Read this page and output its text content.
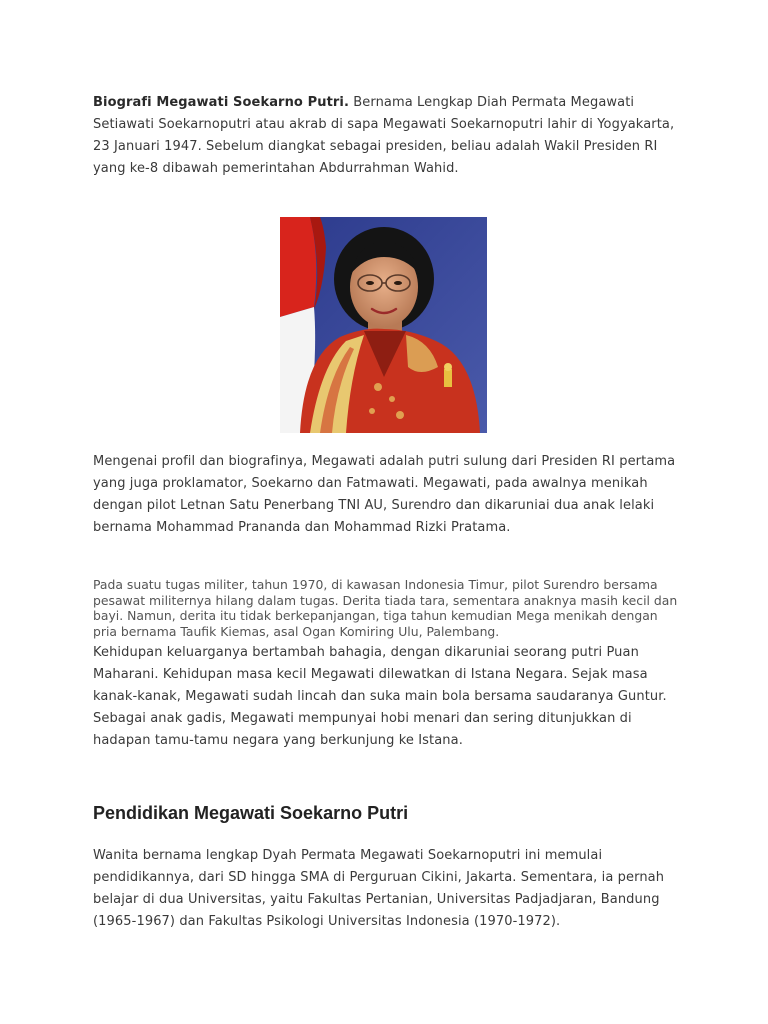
Biografi Megawati Soekarno Putri. Bernama Lengkap Diah Permata Megawati Setiawati Soekarnoputri atau akrab di sapa Megawati Soekarnoputri lahir di Yogyakarta, 23 Januari 1947. Sebelum diangkat sebagai presiden, beliau adalah Wakil Presiden RI yang ke-8 dibawah pemerintahan Abdurrahman Wahid.

Mengenai profil dan biografinya, Megawati adalah putri sulung dari Presiden RI pertama yang juga proklamator, Soekarno dan Fatmawati. Megawati, pada awalnya menikah dengan pilot Letnan Satu Penerbang TNI AU, Surendro dan dikaruniai dua anak lelaki bernama Mohammad Prananda dan Mohammad Rizki Pratama.

Pada suatu tugas militer, tahun 1970, di kawasan Indonesia Timur, pilot Surendro bersama pesawat militernya hilang dalam tugas. Derita tiada tara, sementara anaknya masih kecil dan bayi. Namun, derita itu tidak berkepanjangan, tiga tahun kemudian Mega menikah dengan pria bernama Taufik Kiemas, asal Ogan Komiring Ulu, Palembang.

Kehidupan keluarganya bertambah bahagia, dengan dikaruniai seorang putri Puan Maharani. Kehidupan masa kecil Megawati dilewatkan di Istana Negara. Sejak masa kanak-kanak, Megawati sudah lincah dan suka main bola bersama saudaranya Guntur. Sebagai anak gadis, Megawati mempunyai hobi menari dan sering ditunjukkan di hadapan tamu-tamu negara yang berkunjung ke Istana.

Pendidikan Megawati Soekarno Putri

Wanita bernama lengkap Dyah Permata Megawati Soekarnoputri ini memulai pendidikannya, dari SD hingga SMA di Perguruan Cikini, Jakarta. Sementara, ia pernah belajar di dua Universitas, yaitu Fakultas Pertanian, Universitas Padjadjaran, Bandung (1965-1967) dan Fakultas Psikologi Universitas Indonesia (1970-1972).
